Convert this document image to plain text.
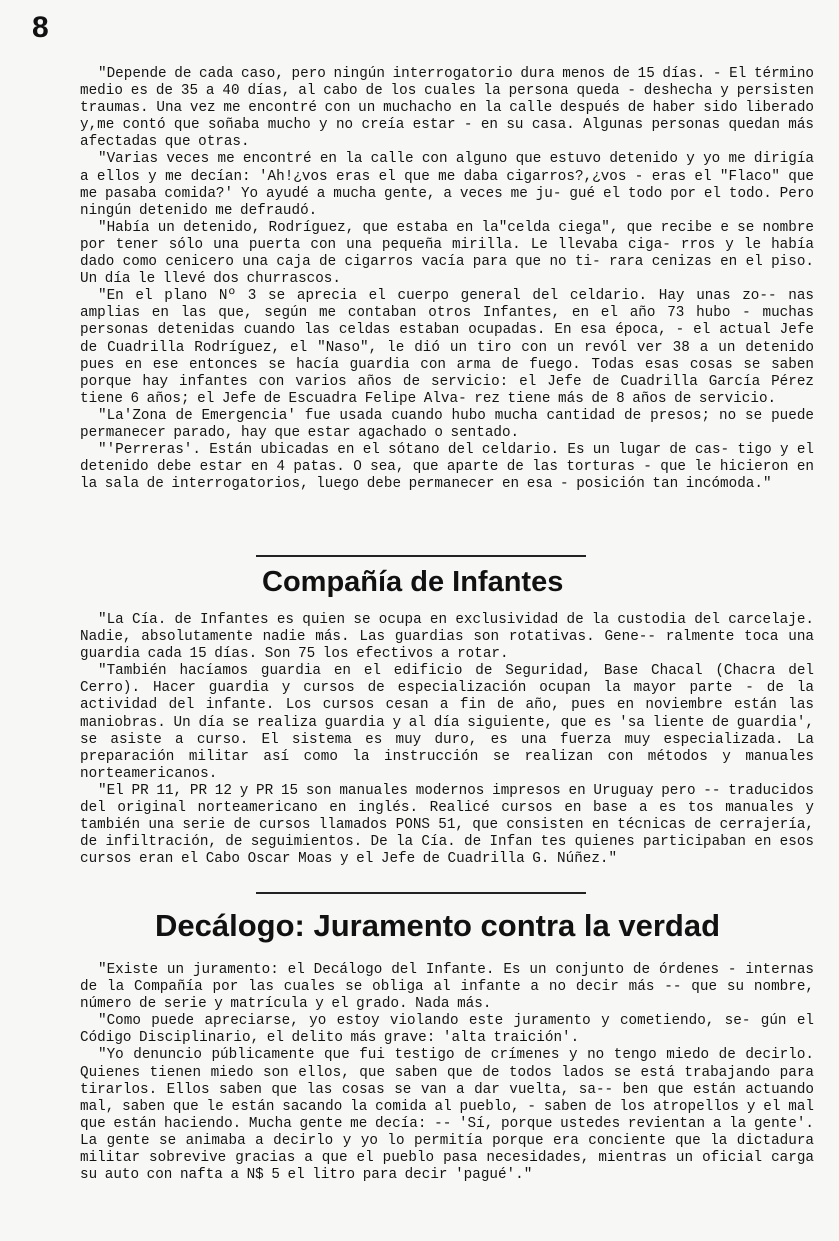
8

"Depende de cada caso, pero ningún interrogatorio dura menos de 15 días. - El término medio es de 35 a 40 días, al cabo de los cuales la persona queda - deshecha y persisten traumas. Una vez me encontré con un muchacho en la calle después de haber sido liberado y,me contó que soñaba mucho y no creía estar - en su casa. Algunas personas quedan más afectadas que otras.

"Varias veces me encontré en la calle con alguno que estuvo detenido y yo me dirigía a ellos y me decían: 'Ah!¿vos eras el que me daba cigarros?,¿vos - eras el "Flaco" que me pasaba comida?' Yo ayudé a mucha gente, a veces me ju- gué el todo por el todo. Pero ningún detenido me defraudó.

"Había un detenido, Rodríguez, que estaba en la"celda ciega", que recibe e se nombre por tener sólo una puerta con una pequeña mirilla. Le llevaba ciga- rros y le había dado como cenicero una caja de cigarros vacía para que no ti- rara cenizas en el piso. Un día le llevé dos churrascos.

"En el plano Nº 3 se aprecia el cuerpo general del celdario. Hay unas zo-- nas amplias en las que, según me contaban otros Infantes, en el año 73 hubo - muchas personas detenidas cuando las celdas estaban ocupadas. En esa época, - el actual Jefe de Cuadrilla Rodríguez, el "Naso", le dió un tiro con un revól ver 38 a un detenido pues en ese entonces se hacía guardia con arma de fuego. Todas esas cosas se saben porque hay infantes con varios años de servicio: el Jefe de Cuadrilla García Pérez tiene 6 años; el Jefe de Escuadra Felipe Alva- rez tiene más de 8 años de servicio.

"La'Zona de Emergencia' fue usada cuando hubo mucha cantidad de presos; no se puede permanecer parado, hay que estar agachado o sentado.

"'Perreras'. Están ubicadas en el sótano del celdario. Es un lugar de cas- tigo y el detenido debe estar en 4 patas. O sea, que aparte de las torturas - que le hicieron en la sala de interrogatorios, luego debe permanecer en esa - posición tan incómoda."

Compañía de Infantes

"La Cía. de Infantes es quien se ocupa en exclusividad de la custodia del carcelaje. Nadie, absolutamente nadie más. Las guardias son rotativas. Gene-- ralmente toca una guardia cada 15 días. Son 75 los efectivos a rotar.

"También hacíamos guardia en el edificio de Seguridad, Base Chacal (Chacra del Cerro). Hacer guardia y cursos de especialización ocupan la mayor parte - de la actividad del infante. Los cursos cesan a fin de año, pues en noviembre están las maniobras. Un día se realiza guardia y al día siguiente, que es 'sa liente de guardia', se asiste a curso. El sistema es muy duro, es una fuerza muy especializada. La preparación militar así como la instrucción se realizan con métodos y manuales norteamericanos.

"El PR 11, PR 12 y PR 15 son manuales modernos impresos en Uruguay pero -- traducidos del original norteamericano en inglés. Realicé cursos en base a es tos manuales y también una serie de cursos llamados PONS 51, que consisten en técnicas de cerrajería, de infiltración, de seguimientos. De la Cía. de Infan tes quienes participaban en esos cursos eran el Cabo Oscar Moas y el Jefe de Cuadrilla G. Núñez."

Decálogo: Juramento contra la verdad

"Existe un juramento: el Decálogo del Infante. Es un conjunto de órdenes - internas de la Compañía por las cuales se obliga al infante a no decir más -- que su nombre, número de serie y matrícula y el grado. Nada más.

"Como puede apreciarse, yo estoy violando este juramento y cometiendo, se- gún el Código Disciplinario, el delito más grave: 'alta traición'.

"Yo denuncio públicamente que fui testigo de crímenes y no tengo miedo de decirlo. Quienes tienen miedo son ellos, que saben que de todos lados se está trabajando para tirarlos. Ellos saben que las cosas se van a dar vuelta, sa-- ben que están actuando mal, saben que le están sacando la comida al pueblo, - saben de los atropellos y el mal que están haciendo. Mucha gente me decía: -- 'Sí, porque ustedes revientan a la gente'. La gente se animaba a decirlo y yo lo permitía porque era conciente que la dictadura militar sobrevive gracias a que el pueblo pasa necesidades, mientras un oficial carga su auto con nafta a N$ 5 el litro para decir 'pagué'."
